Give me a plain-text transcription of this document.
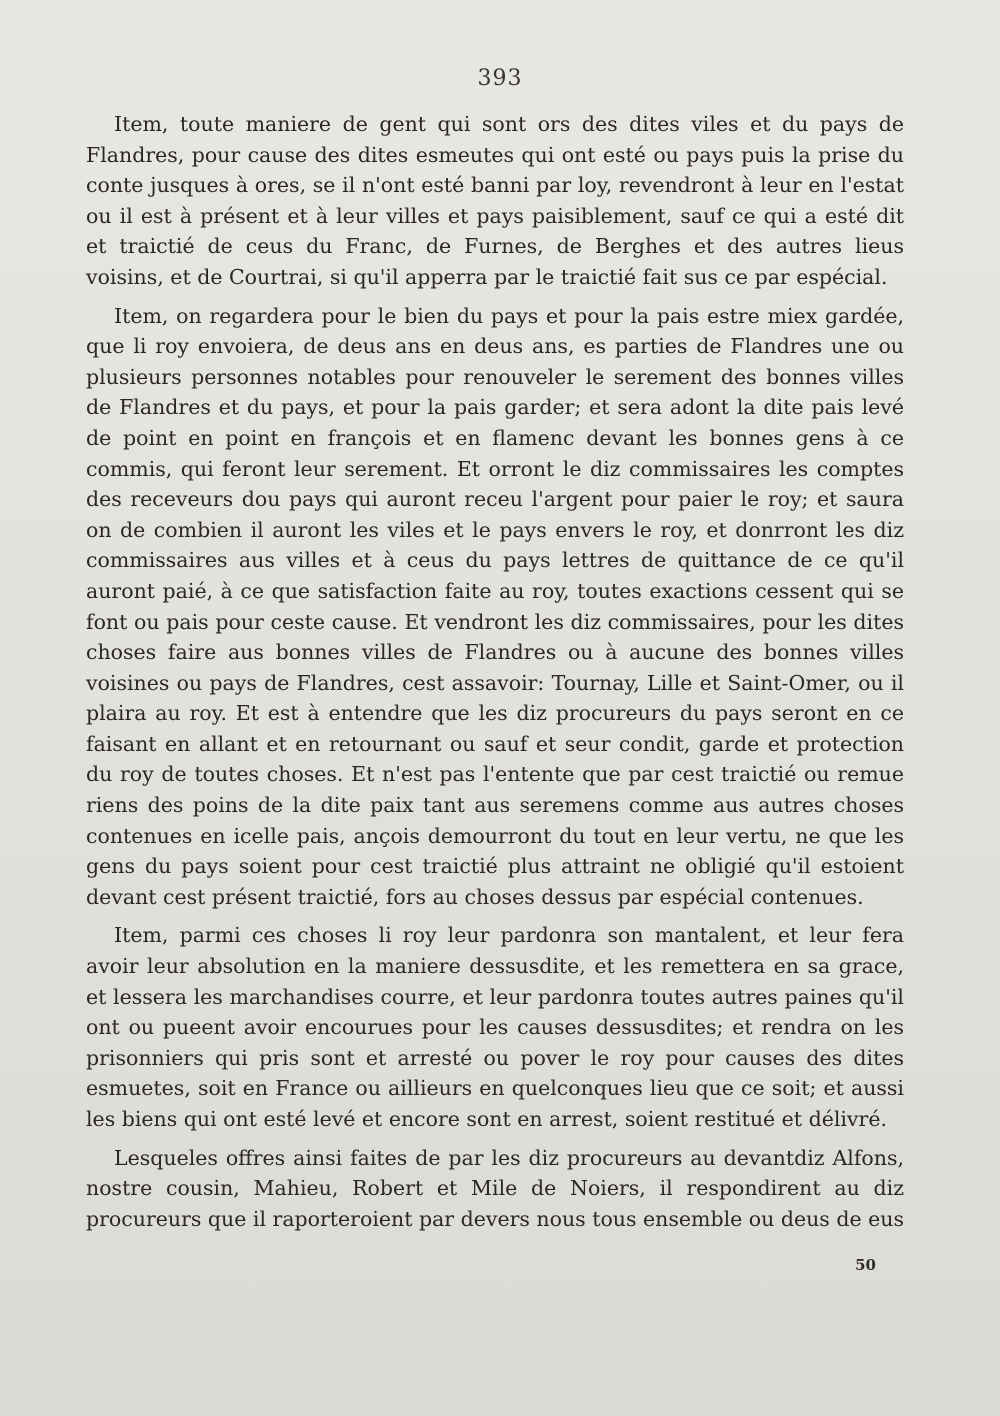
393

Item, toute maniere de gent qui sont ors des dites viles et du pays de Flandres, pour cause des dites esmeutes qui ont esté ou pays puis la prise du conte jusques à ores, se il n'ont esté banni par loy, revendront à leur en l'estat ou il est à présent et à leur villes et pays paisiblement, sauf ce qui a esté dit et traictié de ceus du Franc, de Furnes, de Berghes et des autres lieus voisins, et de Courtrai, si qu'il apperra par le traictié fait sus ce par espécial.

Item, on regardera pour le bien du pays et pour la pais estre miex gardée, que li roy envoiera, de deus ans en deus ans, es parties de Flandres une ou plusieurs personnes notables pour renouveler le serement des bonnes villes de Flandres et du pays, et pour la pais garder; et sera adont la dite pais levé de point en point en françois et en flamenc devant les bonnes gens à ce commis, qui feront leur serement. Et orront le diz commissaires les comptes des receveurs dou pays qui auront receu l'argent pour paier le roy; et saura on de combien il auront les viles et le pays envers le roy, et donrront les diz commissaires aus villes et à ceus du pays lettres de quittance de ce qu'il auront paié, à ce que satisfaction faite au roy, toutes exactions cessent qui se font ou pais pour ceste cause. Et vendront les diz commissaires, pour les dites choses faire aus bonnes villes de Flandres ou à aucune des bonnes villes voisines ou pays de Flandres, cest assavoir: Tournay, Lille et Saint-Omer, ou il plaira au roy. Et est à entendre que les diz procureurs du pays seront en ce faisant en allant et en retournant ou sauf et seur condit, garde et protection du roy de toutes choses. Et n'est pas l'entente que par cest traictié ou remue riens des poins de la dite paix tant aus seremens comme aus autres choses contenues en icelle pais, ançois demourront du tout en leur vertu, ne que les gens du pays soient pour cest traictié plus attraint ne obligié qu'il estoient devant cest présent traictié, fors au choses dessus par espécial contenues.

Item, parmi ces choses li roy leur pardonra son mantalent, et leur fera avoir leur absolution en la maniere dessusdite, et les remettera en sa grace, et lessera les marchandises courre, et leur pardonra toutes autres paines qu'il ont ou pueent avoir encourues pour les causes dessusdites; et rendra on les prisonniers qui pris sont et arresté ou pover le roy pour causes des dites esmuetes, soit en France ou aillieurs en quelconques lieu que ce soit; et aussi les biens qui ont esté levé et encore sont en arrest, soient restitué et délivré.

Lesqueles offres ainsi faites de par les diz procureurs au devantdiz Alfons, nostre cousin, Mahieu, Robert et Mile de Noiers, il respondirent au diz procureurs que il raporteroient par devers nous tous ensemble ou deus de eus

50
